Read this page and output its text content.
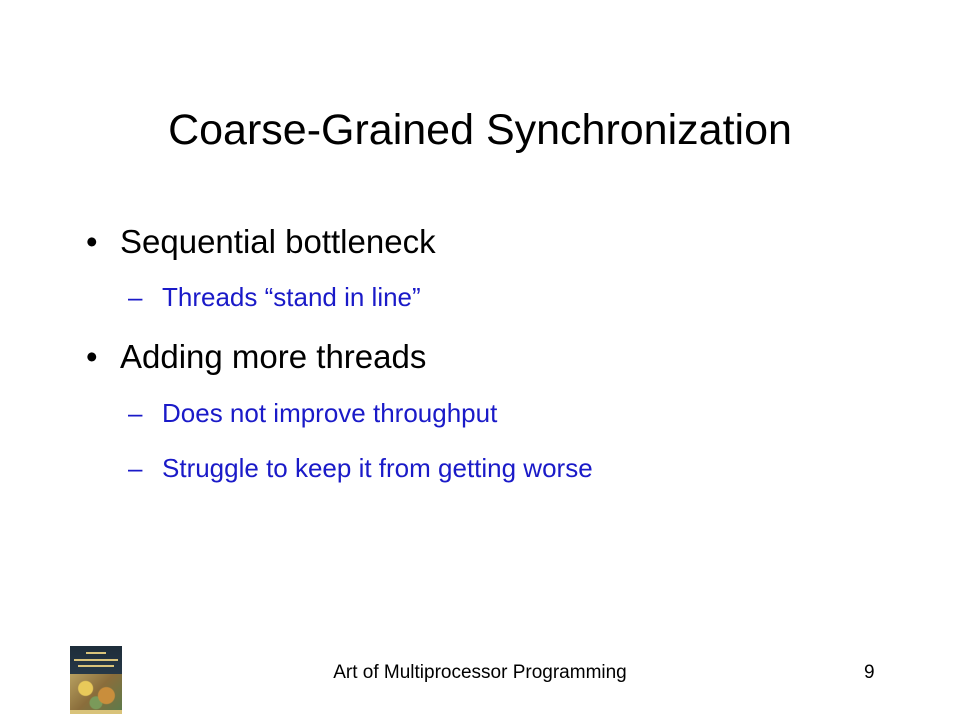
Coarse-Grained Synchronization
• Sequential bottleneck
– Threads “stand in line”
• Adding more threads
– Does not improve throughput
– Struggle to keep it from getting worse
Art of Multiprocessor Programming	9
